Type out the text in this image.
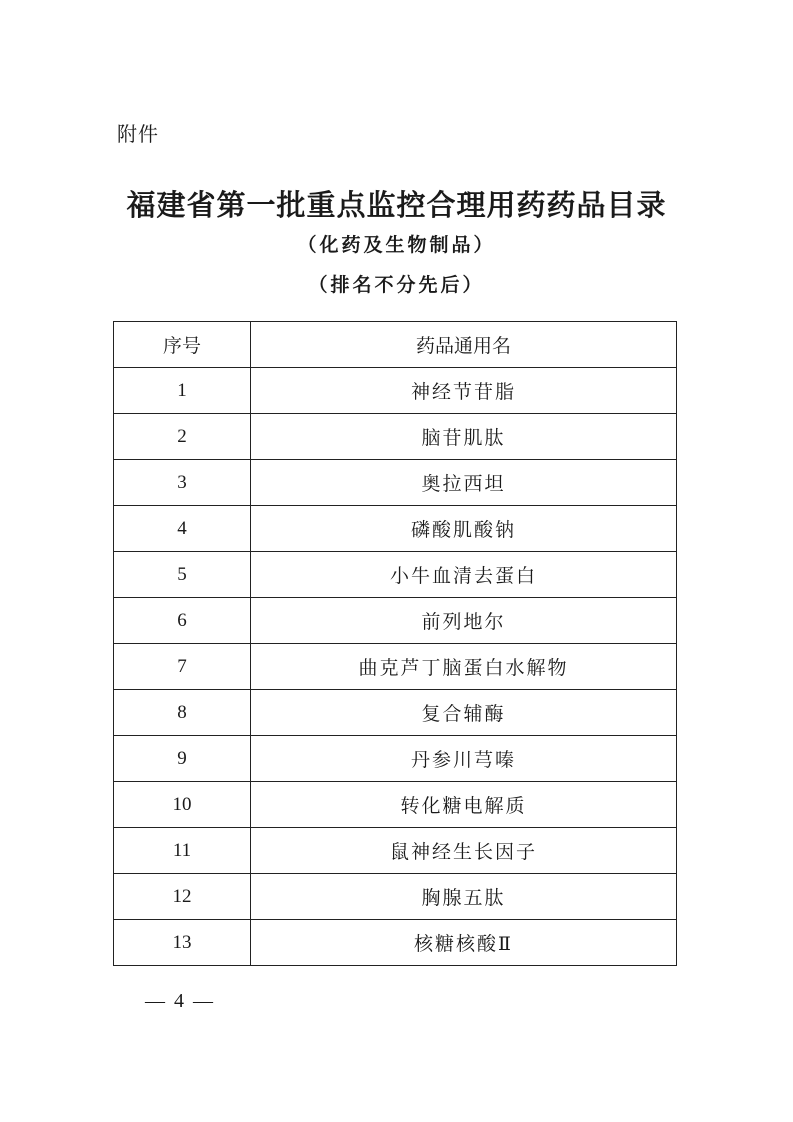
附件
福建省第一批重点监控合理用药药品目录
（化药及生物制品）
（排名不分先后）
序号	药品通用名
1	神经节苷脂
2	脑苷肌肽
3	奥拉西坦
4	磷酸肌酸钠
5	小牛血清去蛋白
6	前列地尔
7	曲克芦丁脑蛋白水解物
8	复合辅酶
9	丹参川芎嗪
10	转化糖电解质
11	鼠神经生长因子
12	胸腺五肽
13	核糖核酸Ⅱ
— 4 —
